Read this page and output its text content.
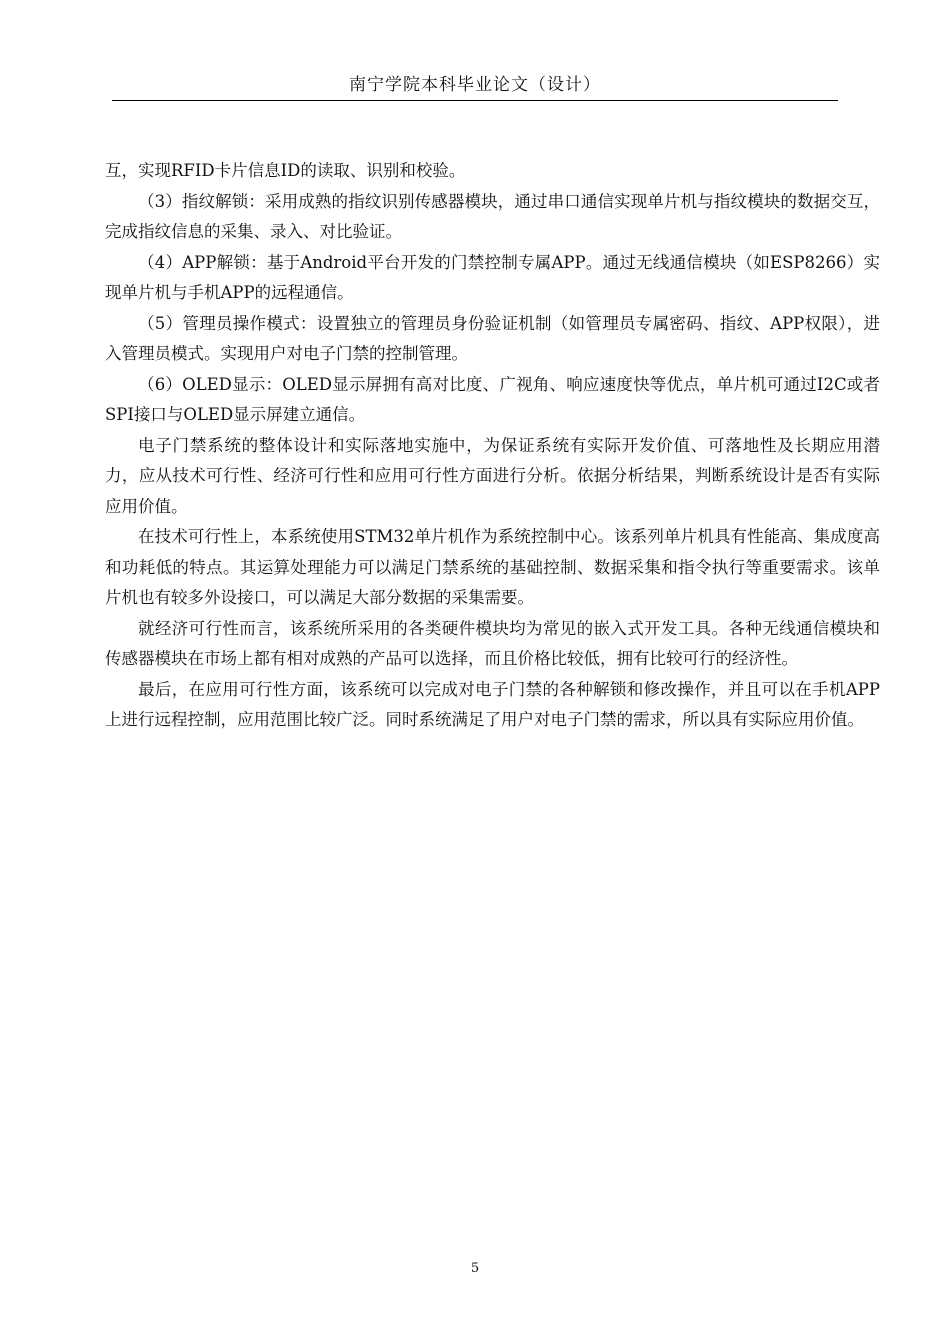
南宁学院本科毕业论文（设计）

互，实现RFID卡片信息ID的读取、识别和校验。

（3）指纹解锁：采用成熟的指纹识别传感器模块，通过串口通信实现单片机与指纹模块的数据交互，完成指纹信息的采集、录入、对比验证。

（4）APP解锁：基于Android平台开发的门禁控制专属APP。通过无线通信模块（如ESP8266）实现单片机与手机APP的远程通信。

（5）管理员操作模式：设置独立的管理员身份验证机制（如管理员专属密码、指纹、APP权限），进入管理员模式。实现用户对电子门禁的控制管理。

（6）OLED显示：OLED显示屏拥有高对比度、广视角、响应速度快等优点，单片机可通过I2C或者SPI接口与OLED显示屏建立通信。

电子门禁系统的整体设计和实际落地实施中，为保证系统有实际开发价值、可落地性及长期应用潜力，应从技术可行性、经济可行性和应用可行性方面进行分析。依据分析结果，判断系统设计是否有实际应用价值。

在技术可行性上，本系统使用STM32单片机作为系统控制中心。该系列单片机具有性能高、集成度高和功耗低的特点。其运算处理能力可以满足门禁系统的基础控制、数据采集和指令执行等重要需求。该单片机也有较多外设接口，可以满足大部分数据的采集需要。

就经济可行性而言，该系统所采用的各类硬件模块均为常见的嵌入式开发工具。各种无线通信模块和传感器模块在市场上都有相对成熟的产品可以选择，而且价格比较低，拥有比较可行的经济性。

最后，在应用可行性方面，该系统可以完成对电子门禁的各种解锁和修改操作，并且可以在手机APP上进行远程控制，应用范围比较广泛。同时系统满足了用户对电子门禁的需求，所以具有实际应用价值。

5
